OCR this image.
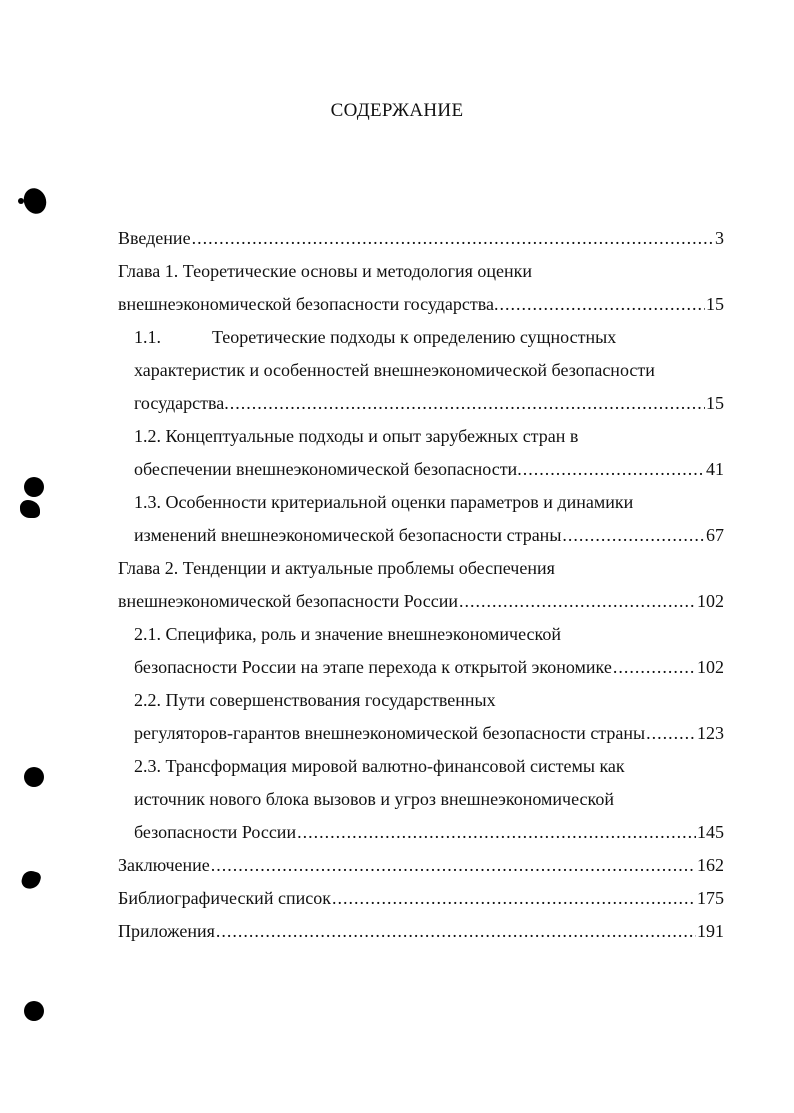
СОДЕРЖАНИЕ
Введение .....	3
Глава 1. Теоретические основы и методология оценки
внешнеэкономической безопасности государства. .....	15
1.1.	Теоретические подходы к определению сущностных
характеристик и особенностей внешнеэкономической безопасности
государства. .....	15
1.2. Концептуальные подходы и опыт зарубежных стран в
обеспечении внешнеэкономической безопасности. .....	41
1.3. Особенности критериальной оценки параметров и динамики
изменений внешнеэкономической безопасности страны .....	67
Глава 2. Тенденции и актуальные проблемы обеспечения
внешнеэкономической безопасности России .....	102
2.1. Специфика, роль и значение внешнеэкономической
безопасности России на этапе перехода к открытой экономике .....	102
2.2. Пути совершенствования государственных
регуляторов-гарантов внешнеэкономической безопасности страны .....	123
2.3. Трансформация мировой валютно-финансовой системы как
источник нового блока вызовов и угроз внешнеэкономической
безопасности России .....	145
Заключение .....	162
Библиографический список .....	175
Приложения .....	191
